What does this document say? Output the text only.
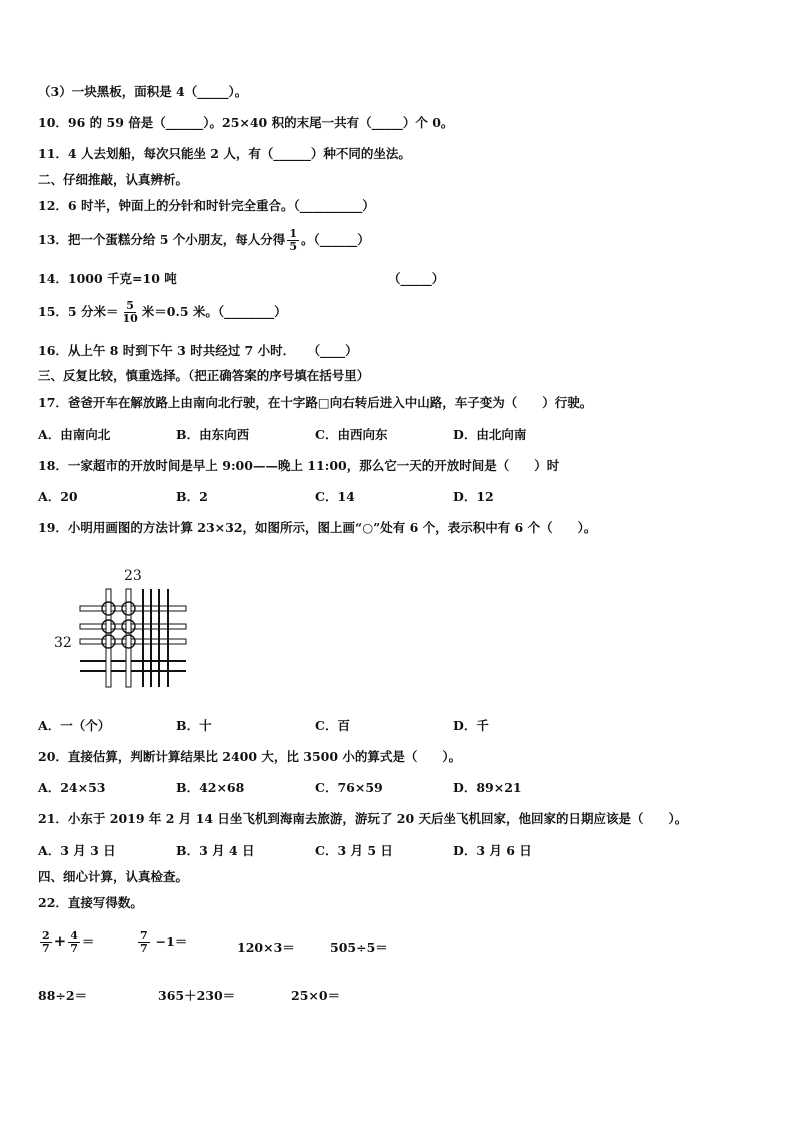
（3）一块黑板，面积是 4（_____）。
10．96 的 59 倍是（______）。25×40 积的末尾一共有（_____）个 0。
11．4 人去划船，每次只能坐 2 人，有（______）种不同的坐法。
二、仔细推敲，认真辨析。
12．6 时半，钟面上的分针和时针完全重合。（__________）
13．把一个蛋糕分给 5 个小朋友，每人分得 $\frac{1}{5}$ 。（______）
14．1000 千克=10 吨	（_____）
15．5 分米＝ $\frac{5}{10}$ 米＝0.5 米。（________）
16．从上午 8 时到下午 3 时共经过 7 小时．　　（____）
三、反复比较，慎重选择。（把正确答案的序号填在括号里）
17．爸爸开车在解放路上由南向北行驶，在十字路□向右转后进入中山路，车子变为（　　）行驶。
A．由南向北	B．由东向西	C．由西向东	D．由北向南
18．一家超市的开放时间是早上 9:00——晚上 11:00，那么它一天的开放时间是（　　）时
A．20	B．2	C．14	D．12
19．小明用画图的方法计算 23×32，如图所示，图上画“○”处有 6 个，表示积中有 6 个（　　）。
23
32
A．一（个）	B．十	C．百	D．千
20．直接估算，判断计算结果比 2400 大，比 3500 小的算式是（　　）。
A．24×53	B．42×68	C．76×59	D．89×21
21．小东于 2019 年 2 月 14 日坐飞机到海南去旅游，游玩了 20 天后坐飞机回家，他回家的日期应该是（　　）。
A．3 月 3 日	B．3 月 4 日	C．3 月 5 日	D．3 月 6 日
四、细心计算，认真检查。
22．直接写得数。
$\frac{2}{7} + \frac{4}{7}$ ＝	$\frac{7}{7} -1=$	120×3＝	505÷5＝
88÷2＝	365＋230＝	25×0＝
